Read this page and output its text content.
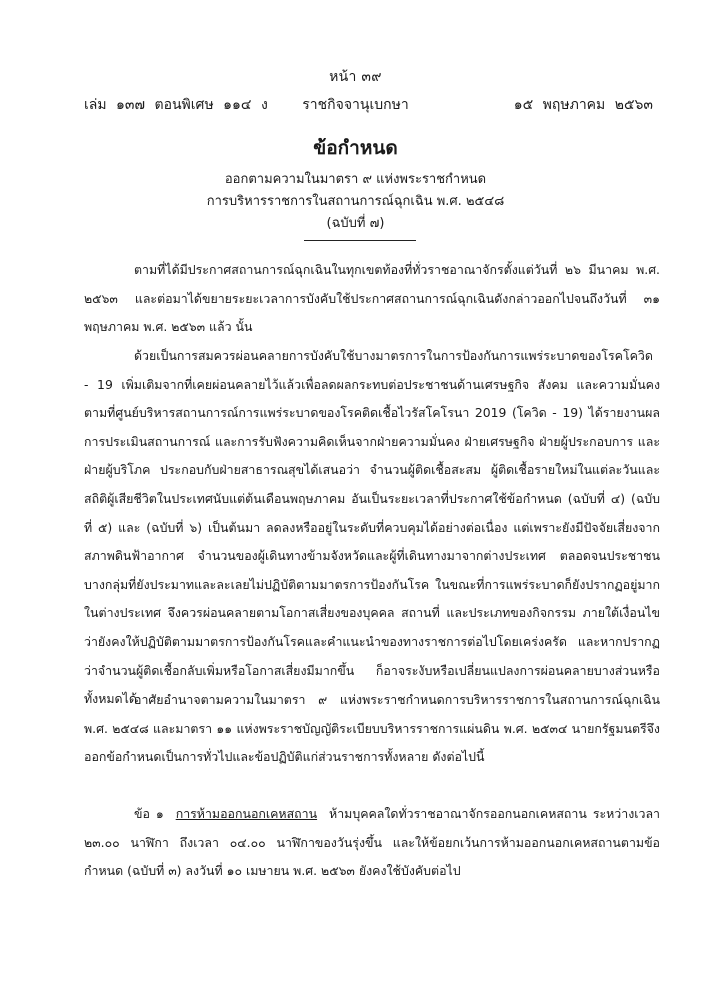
หน้า ๓๙
ราชกิจจานุเบกษา
เล่ม ๑๓๗ ตอนพิเศษ ๑๑๔ ง	๑๕ พฤษภาคม ๒๕๖๓
ข้อกำหนด
ออกตามความในมาตรา ๙ แห่งพระราชกำหนด
การบริหารราชการในสถานการณ์ฉุกเฉิน พ.ศ. ๒๕๔๘
(ฉบับที่ ๗)

ตามที่ได้มีประกาศสถานการณ์ฉุกเฉินในทุกเขตท้องที่ทั่วราชอาณาจักรตั้งแต่วันที่ ๒๖ มีนาคม พ.ศ. ๒๕๖๓ และต่อมาได้ขยายระยะเวลาการบังคับใช้ประกาศสถานการณ์ฉุกเฉินดังกล่าวออกไปจนถึงวันที่ ๓๑ พฤษภาคม พ.ศ. ๒๕๖๓ แล้ว นั้น

ด้วยเป็นการสมควรผ่อนคลายการบังคับใช้บางมาตรการในการป้องกันการแพร่ระบาดของโรคโควิด - 19 เพิ่มเติมจากที่เคยผ่อนคลายไว้แล้วเพื่อลดผลกระทบต่อประชาชนด้านเศรษฐกิจ สังคม และความมั่นคง ตามที่ศูนย์บริหารสถานการณ์การแพร่ระบาดของโรคติดเชื้อไวรัสโคโรนา 2019 (โควิด - 19) ได้รายงานผลการประเมินสถานการณ์ และการรับฟังความคิดเห็นจากฝ่ายความมั่นคง ฝ่ายเศรษฐกิจ ฝ่ายผู้ประกอบการ และฝ่ายผู้บริโภค ประกอบกับฝ่ายสาธารณสุขได้เสนอว่า จำนวนผู้ติดเชื้อสะสม ผู้ติดเชื้อรายใหม่ในแต่ละวันและสถิติผู้เสียชีวิตในประเทศนับแต่ต้นเดือนพฤษภาคม อันเป็นระยะเวลาที่ประกาศใช้ข้อกำหนด (ฉบับที่ ๔) (ฉบับที่ ๕) และ (ฉบับที่ ๖) เป็นต้นมา ลดลงหรืออยู่ในระดับที่ควบคุมได้อย่างต่อเนื่อง แต่เพราะยังมีปัจจัยเสี่ยงจากสภาพดินฟ้าอากาศ จำนวนของผู้เดินทางข้ามจังหวัดและผู้ที่เดินทางมาจากต่างประเทศ ตลอดจนประชาชนบางกลุ่มที่ยังประมาทและละเลยไม่ปฏิบัติตามมาตรการป้องกันโรค ในขณะที่การแพร่ระบาดก็ยังปรากฏอยู่มากในต่างประเทศ จึงควรผ่อนคลายตามโอกาสเสี่ยงของบุคคล สถานที่ และประเภทของกิจกรรม ภายใต้เงื่อนไขว่ายังคงให้ปฏิบัติตามมาตรการป้องกันโรคและคำแนะนำของทางราชการต่อไปโดยเคร่งครัด และหากปรากฏว่าจำนวนผู้ติดเชื้อกลับเพิ่มหรือโอกาสเสี่ยงมีมากขึ้น ก็อาจระงับหรือเปลี่ยนแปลงการผ่อนคลายบางส่วนหรือทั้งหมดได้

อาศัยอำนาจตามความในมาตรา ๙ แห่งพระราชกำหนดการบริหารราชการในสถานการณ์ฉุกเฉิน พ.ศ. ๒๕๔๘ และมาตรา ๑๑ แห่งพระราชบัญญัติระเบียบบริหารราชการแผ่นดิน พ.ศ. ๒๕๓๔ นายกรัฐมนตรีจึงออกข้อกำหนดเป็นการทั่วไปและข้อปฏิบัติแก่ส่วนราชการทั้งหลาย ดังต่อไปนี้

ข้อ ๑ การห้ามออกนอกเคหสถาน ห้ามบุคคลใดทั่วราชอาณาจักรออกนอกเคหสถาน ระหว่างเวลา ๒๓.๐๐ นาฬิกา ถึงเวลา ๐๔.๐๐ นาฬิกาของวันรุ่งขึ้น และให้ข้อยกเว้นการห้ามออกนอกเคหสถานตามข้อกำหนด (ฉบับที่ ๓) ลงวันที่ ๑๐ เมษายน พ.ศ. ๒๕๖๓ ยังคงใช้บังคับต่อไป
